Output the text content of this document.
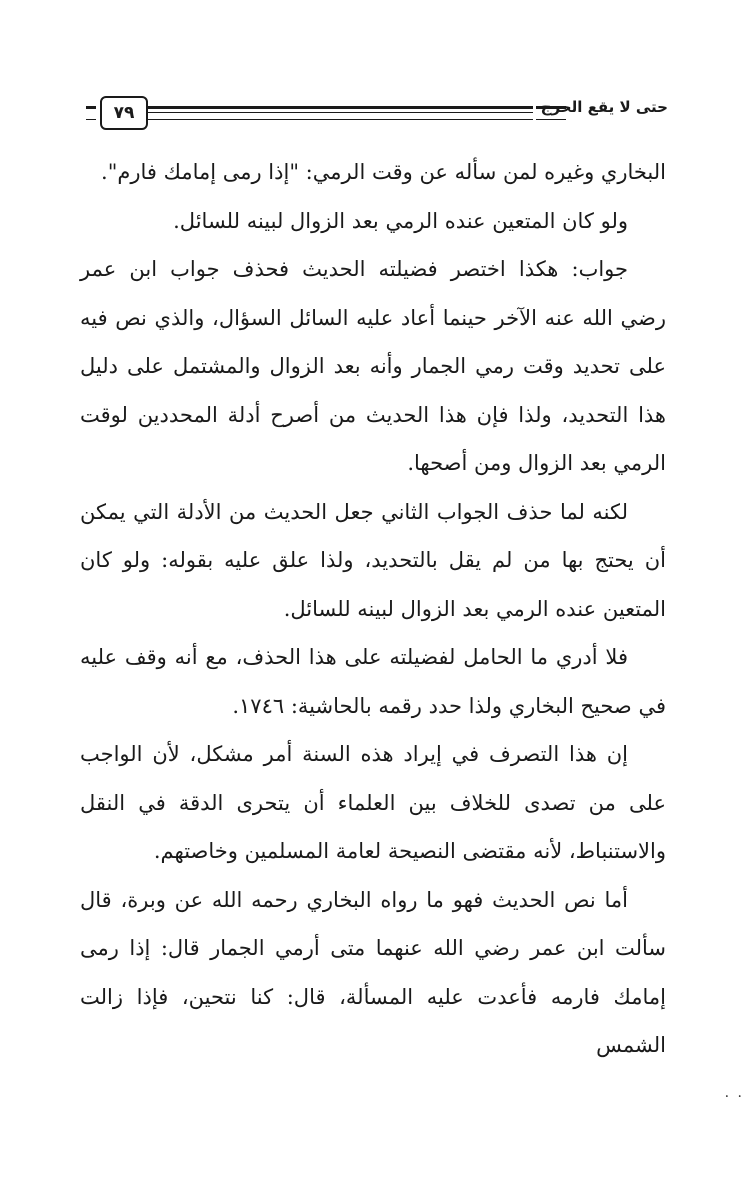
٧٩	حتى لا يقع الحرج

البخاري وغيره لمن سأله عن وقت الرمي: "إذا رمى إمامك فارم".

ولو كان المتعين عنده الرمي بعد الزوال لبينه للسائل.

جواب: هكذا اختصر فضيلته الحديث فحذف جواب ابن عمر رضي الله عنه الآخر حينما أعاد عليه السائل السؤال، والذي نص فيه على تحديد وقت رمي الجمار وأنه بعد الزوال والمشتمل على دليل هذا التحديد، ولذا فإن هذا الحديث من أصرح أدلة المحددين لوقت الرمي بعد الزوال ومن أصحها.

لكنه لما حذف الجواب الثاني جعل الحديث من الأدلة التي يمكن أن يحتج بها من لم يقل بالتحديد، ولذا علق عليه بقوله: ولو كان المتعين عنده الرمي بعد الزوال لبينه للسائل.

فلا أدري ما الحامل لفضيلته على هذا الحذف، مع أنه وقف عليه في صحيح البخاري ولذا حدد رقمه بالحاشية: ١٧٤٦.

إن هذا التصرف في إيراد هذه السنة أمر مشكل، لأن الواجب على من تصدى للخلاف بين العلماء أن يتحرى الدقة في النقل والاستنباط، لأنه مقتضى النصيحة لعامة المسلمين وخاصتهم.

أما نص الحديث فهو ما رواه البخاري رحمه الله عن وبرة، قال سألت ابن عمر رضي الله عنهما متى أرمي الجمار قال: إذا رمى إمامك فارمه فأعدت عليه المسألة، قال: كنا نتحين، فإذا زالت الشمس

. .
